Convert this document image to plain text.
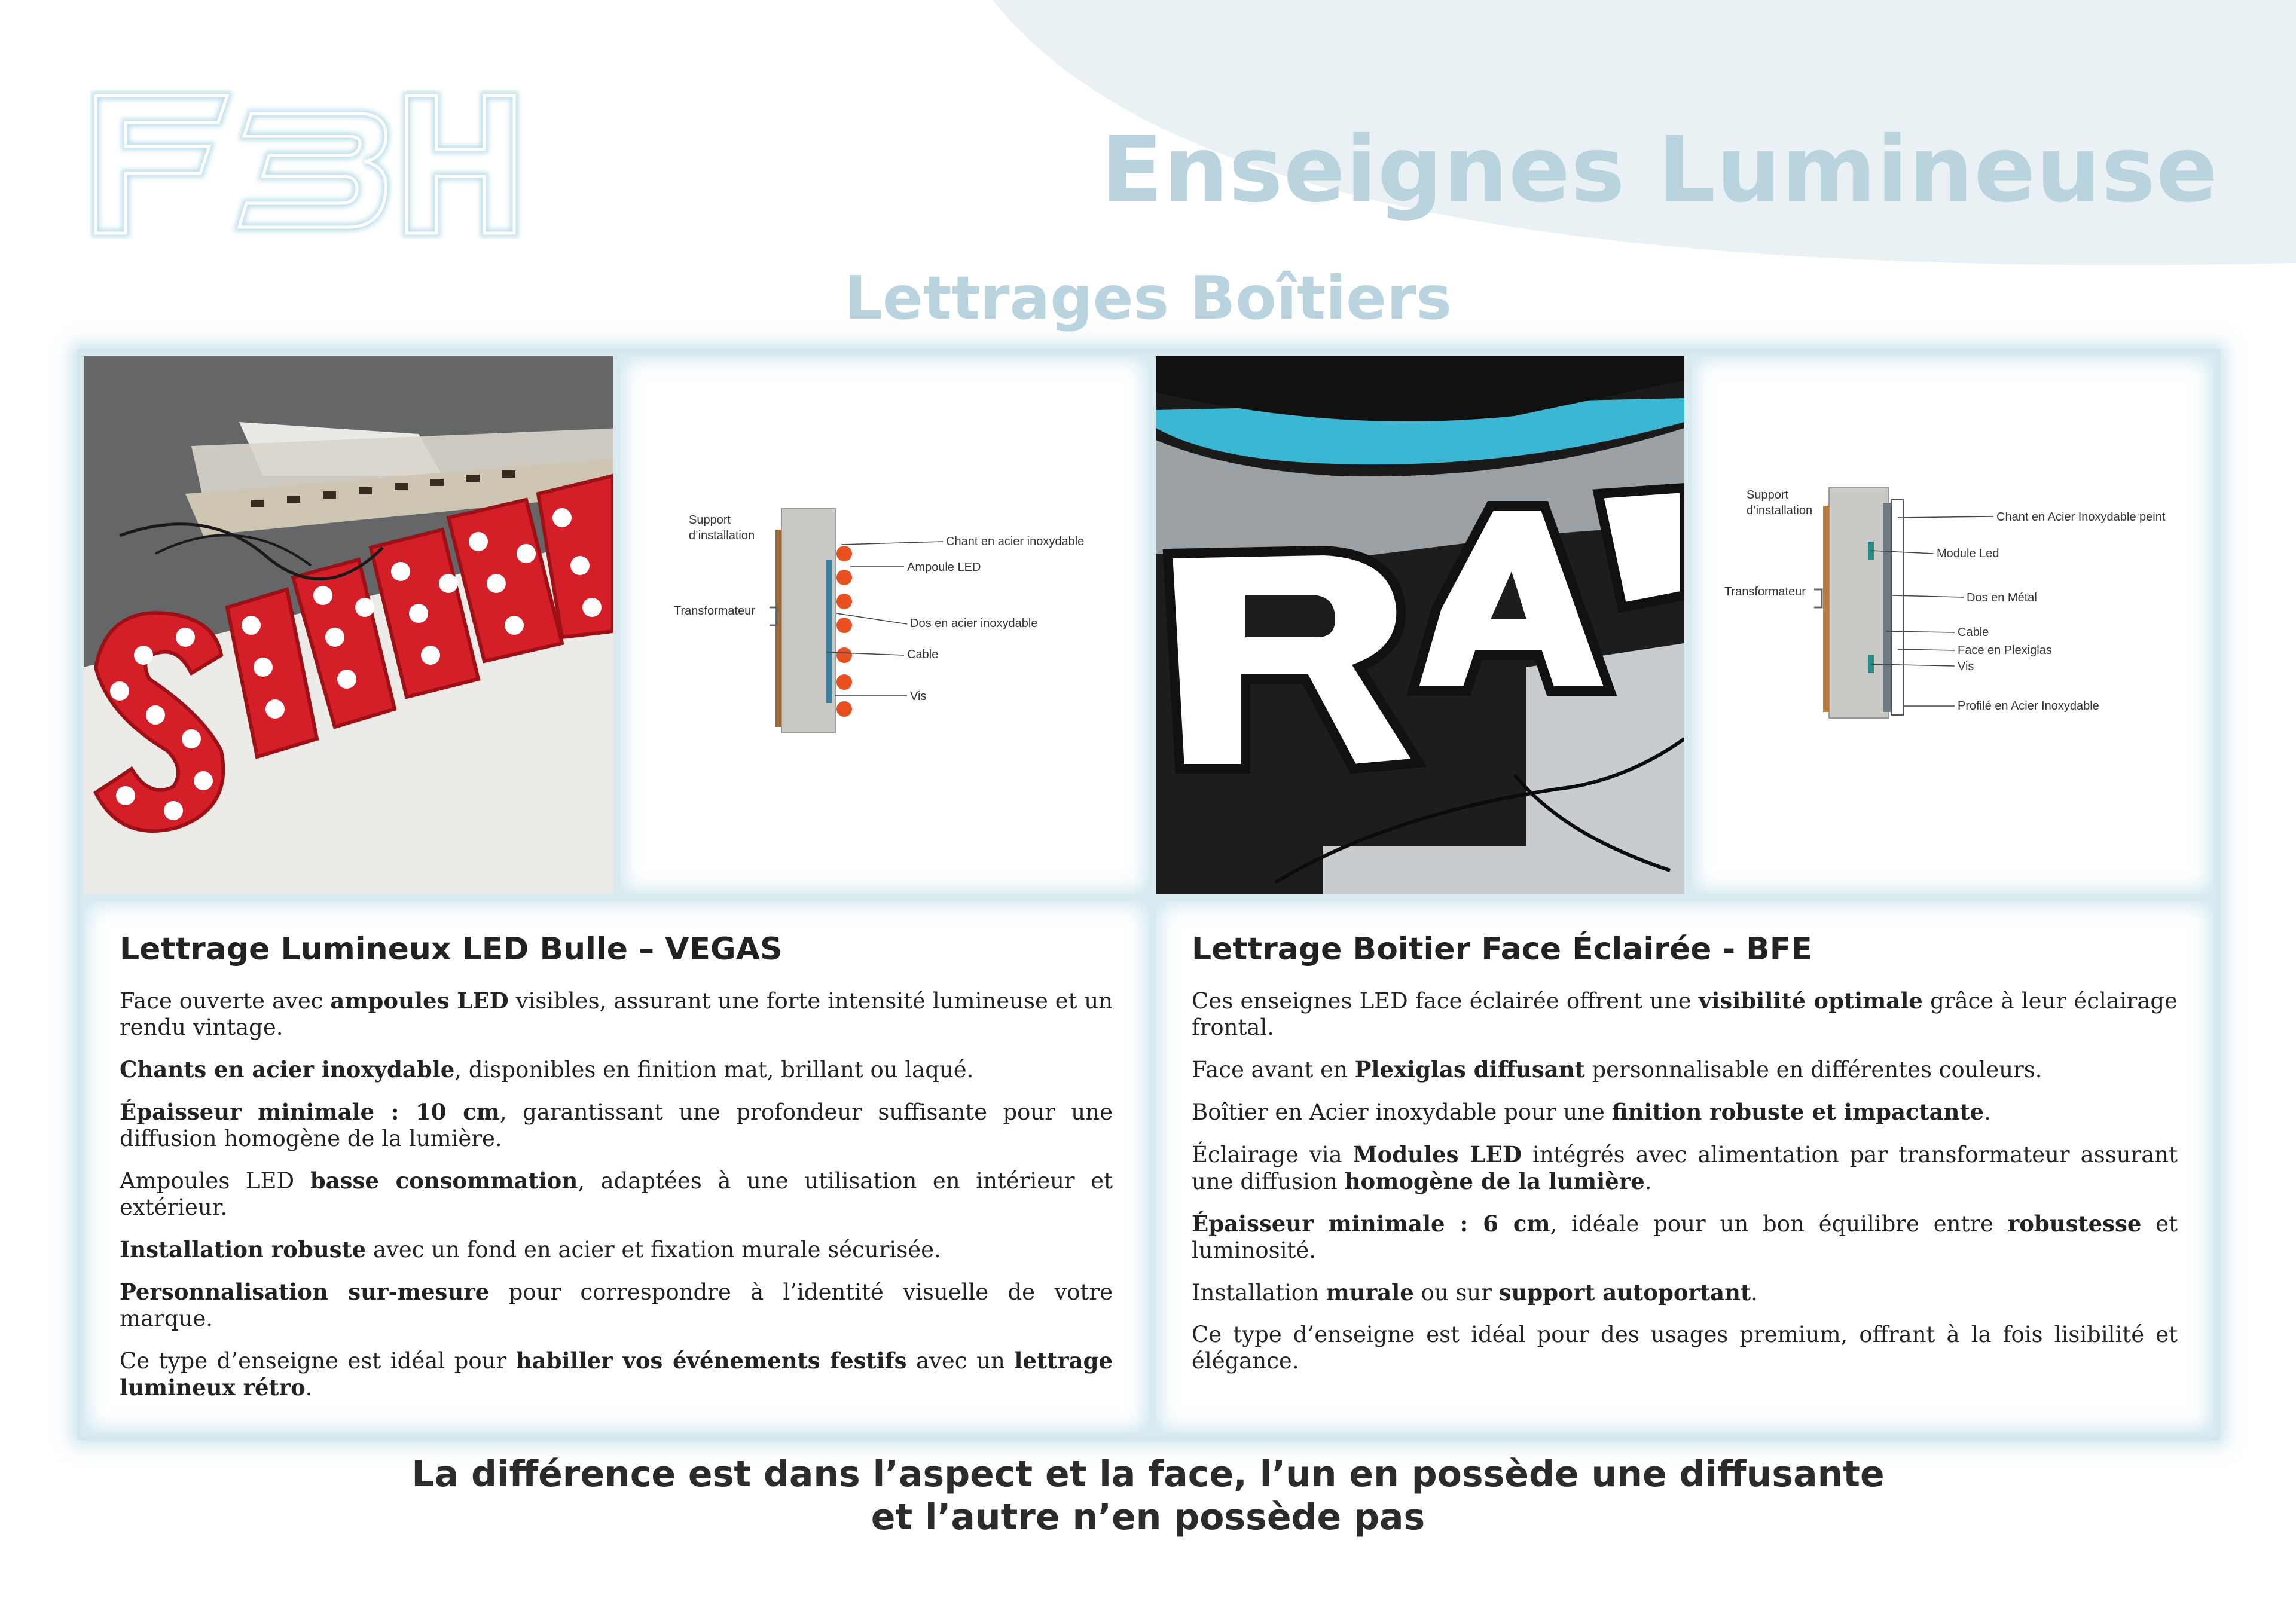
Enseignes Lumineuse
Lettrages Boîtiers
Support
d’installation
Transformateur
Chant en acier inoxydable
Ampoule LED
Dos en acier inoxydable
Cable
Vis
Support
d’installation
Transformateur
Chant en Acier Inoxydable peint
Module Led
Dos en Métal
Cable
Face en Plexiglas
Vis
Profilé en Acier Inoxydable
Lettrage Lumineux LED Bulle – VEGAS

Face ouverte avec ampoules LED visibles, assurant une forte intensité lumineuse et un rendu vintage.

Chants en acier inoxydable, disponibles en finition mat, brillant ou laqué.

Épaisseur minimale : 10 cm, garantissant une profondeur suffisante pour une diffusion homogène de la lumière.

Ampoules LED basse consommation, adaptées à une utilisation en intérieur et extérieur.

Installation robuste avec un fond en acier et fixation murale sécurisée.

Personnalisation sur-mesure pour correspondre à l’identité visuelle de votre marque.

Ce type d’enseigne est idéal pour habiller vos événements festifs avec un lettrage lumineux rétro.

Lettrage Boitier Face Éclairée - BFE

Ces enseignes LED face éclairée offrent une visibilité optimale grâce à leur éclairage frontal.

Face avant en Plexiglas diffusant personnalisable en différentes couleurs.

Boîtier en Acier inoxydable pour une finition robuste et impactante.

Éclairage via Modules LED intégrés avec alimentation par transformateur assurant une diffusion homogène de la lumière.

Épaisseur minimale : 6 cm, idéale pour un bon équilibre entre robustesse et luminosité.

Installation murale ou sur support autoportant.

Ce type d’enseigne est idéal pour des usages premium, offrant à la fois lisibilité et élégance.

La différence est dans l’aspect et la face, l’un en possède une diffusante
et l’autre n’en possède pas
